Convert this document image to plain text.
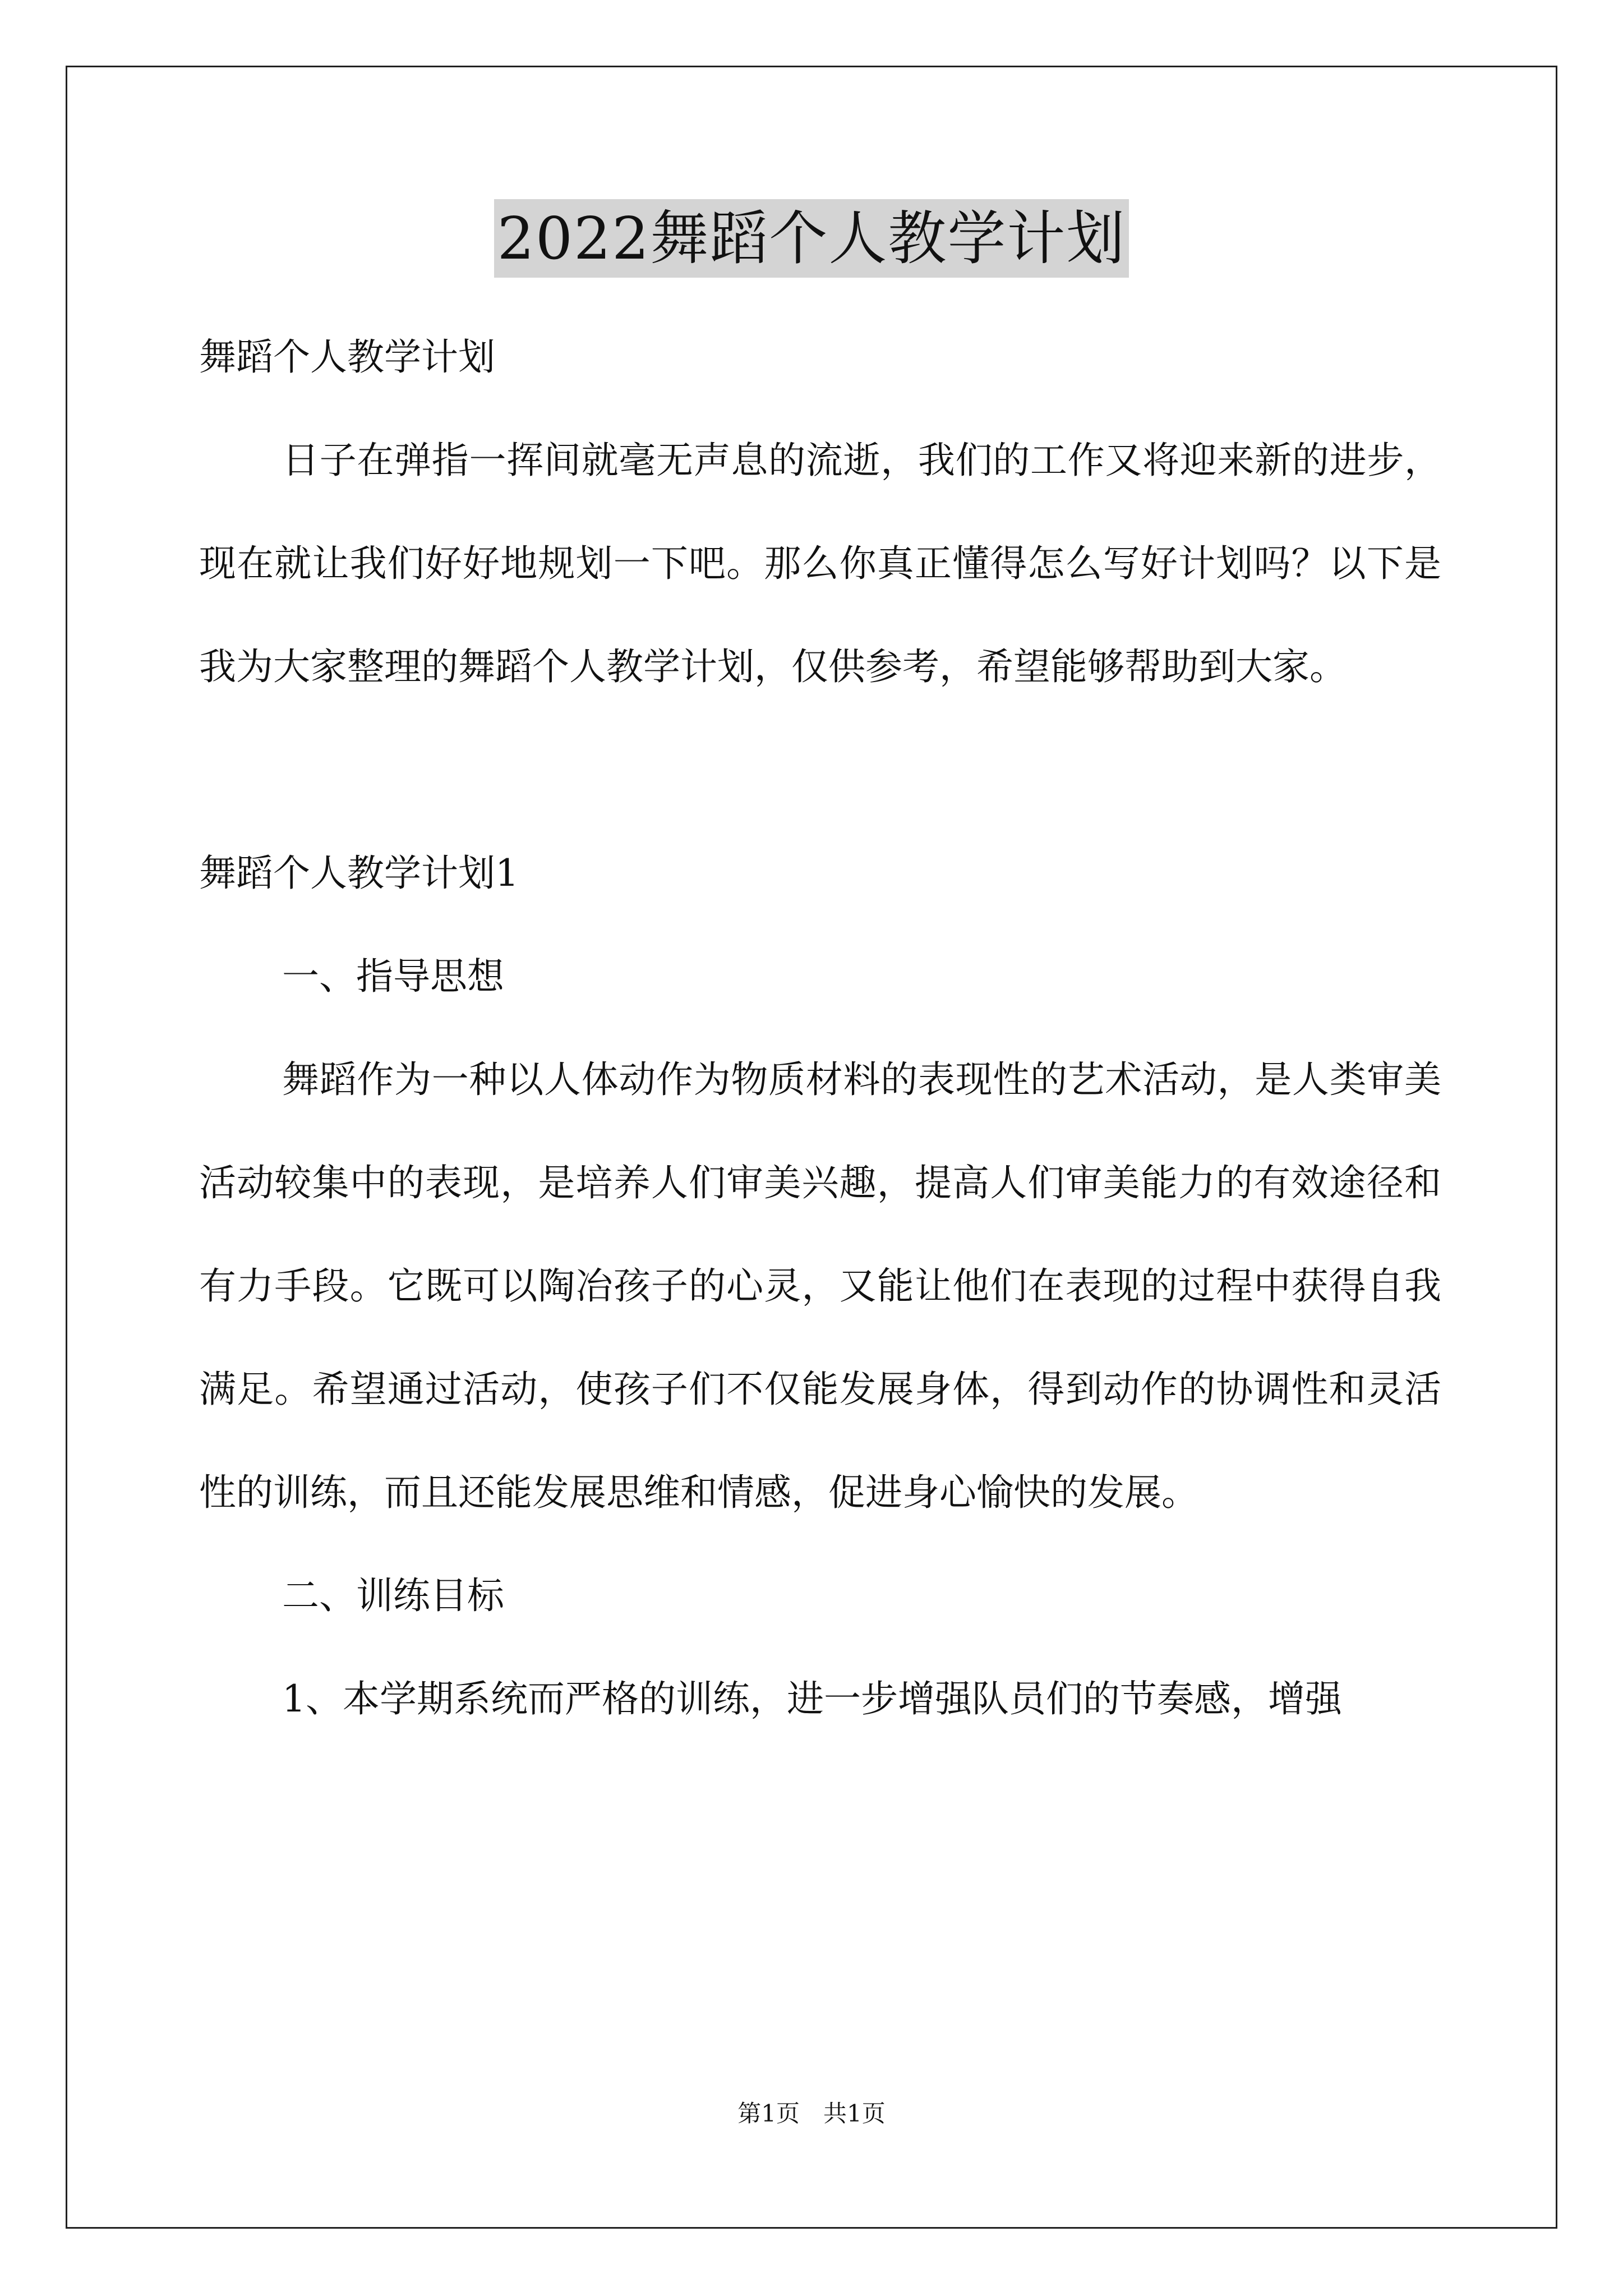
2022舞蹈个人教学计划

舞蹈个人教学计划

日子在弹指一挥间就毫无声息的流逝，我们的工作又将迎来新的进步，现在就让我们好好地规划一下吧。那么你真正懂得怎么写好计划吗？以下是我为大家整理的舞蹈个人教学计划，仅供参考，希望能够帮助到大家。

舞蹈个人教学计划1

一、指导思想

舞蹈作为一种以人体动作为物质材料的表现性的艺术活动，是人类审美活动较集中的表现，是培养人们审美兴趣，提高人们审美能力的有效途径和有力手段。它既可以陶冶孩子的心灵，又能让他们在表现的过程中获得自我满足。希望通过活动，使孩子们不仅能发展身体，得到动作的协调性和灵活性的训练，而且还能发展思维和情感，促进身心愉快的发展。

二、训练目标

1、本学期系统而严格的训练，进一步增强队员们的节奏感，增强

第1页　共1页
